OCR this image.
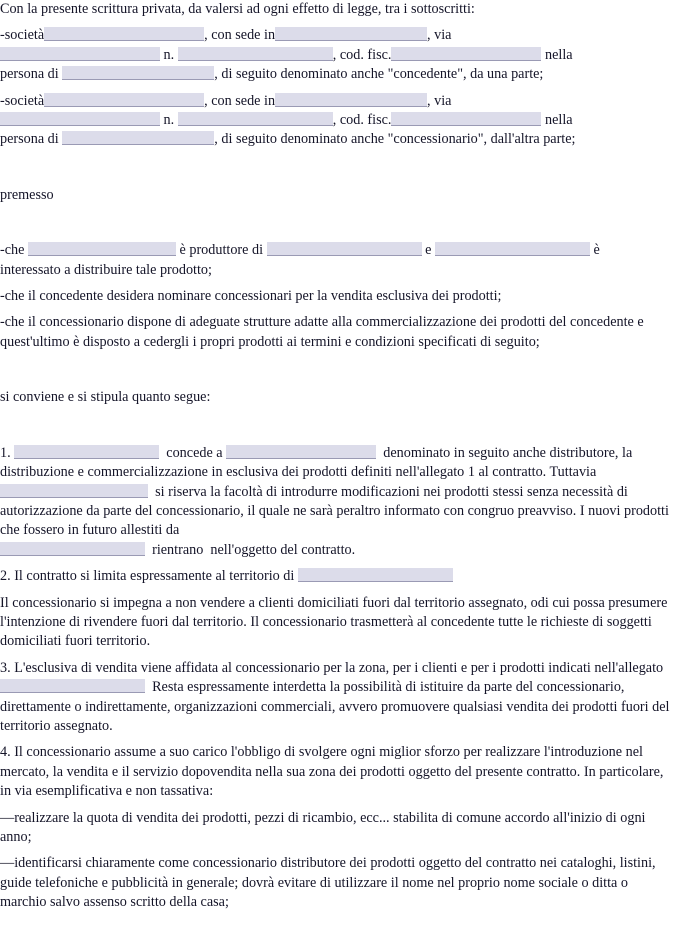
Con la presente scrittura privata, da valersi ad ogni effetto di legge, tra i sottoscritti:

-società	, con sede in	, via

n.	, cod. fisc.	nella

persona di	, di seguito denominato anche "concedente", da una parte;

-società	, con sede in	, via

n.	, cod. fisc.	nella

persona di	, di seguito denominato anche "concessionario", dall'altra parte;

premesso

-che	è produttore di	e	è
interessato a distribuire tale prodotto;

-che il concedente desidera nominare concessionari per la vendita esclusiva dei prodotti;

-che il concessionario dispone di adeguate strutture adatte alla commercializzazione dei prodotti del concedente e quest'ultimo è disposto a cedergli i propri prodotti ai termini e condizioni specificati di seguito;

si conviene e si stipula quanto segue:

1.	concede a	denominato in seguito anche distributore, la distribuzione e commercializzazione in esclusiva dei prodotti definiti nell'allegato 1 al contratto. Tuttavia   si riserva la facoltà di introdurre modificazioni nei prodotti stessi senza necessità di autorizzazione da parte del concessionario, il quale ne sarà peraltro informato con congruo preavviso. I nuovi prodotti che fossero in futuro allestiti da
rientrano  nell'oggetto del contratto.

2. Il contratto si limita espressamente al territorio di

Il concessionario si impegna a non vendere a clienti domiciliati fuori dal territorio assegnato, odi cui possa presumere l'intenzione di rivendere fuori dal territorio. Il concessionario trasmetterà al concedente tutte le richieste di soggetti domiciliati fuori territorio.

3. L'esclusiva di vendita viene affidata al concessionario per la zona, per i clienti e per i prodotti indicati nell'allegato   Resta espressamente interdetta la possibilità di istituire da parte del concessionario, direttamente o indirettamente, organizzazioni commerciali, avvero promuovere qualsiasi vendita dei prodotti fuori del territorio assegnato.

4. Il concessionario assume a suo carico l'obbligo di svolgere ogni miglior sforzo per realizzare l'introduzione nel mercato, la vendita e il servizio dopovendita nella sua zona dei prodotti oggetto del presente contratto. In particolare, in via esemplificativa e non tassativa:

—realizzare la quota di vendita dei prodotti, pezzi di ricambio, ecc... stabilita di comune accordo all'inizio di ogni anno;

—identificarsi chiaramente come concessionario distributore dei prodotti oggetto del contratto nei cataloghi, listini, guide telefoniche e pubblicità in generale; dovrà evitare di utilizzare il nome nel proprio nome sociale o ditta o marchio salvo assenso scritto della casa;
